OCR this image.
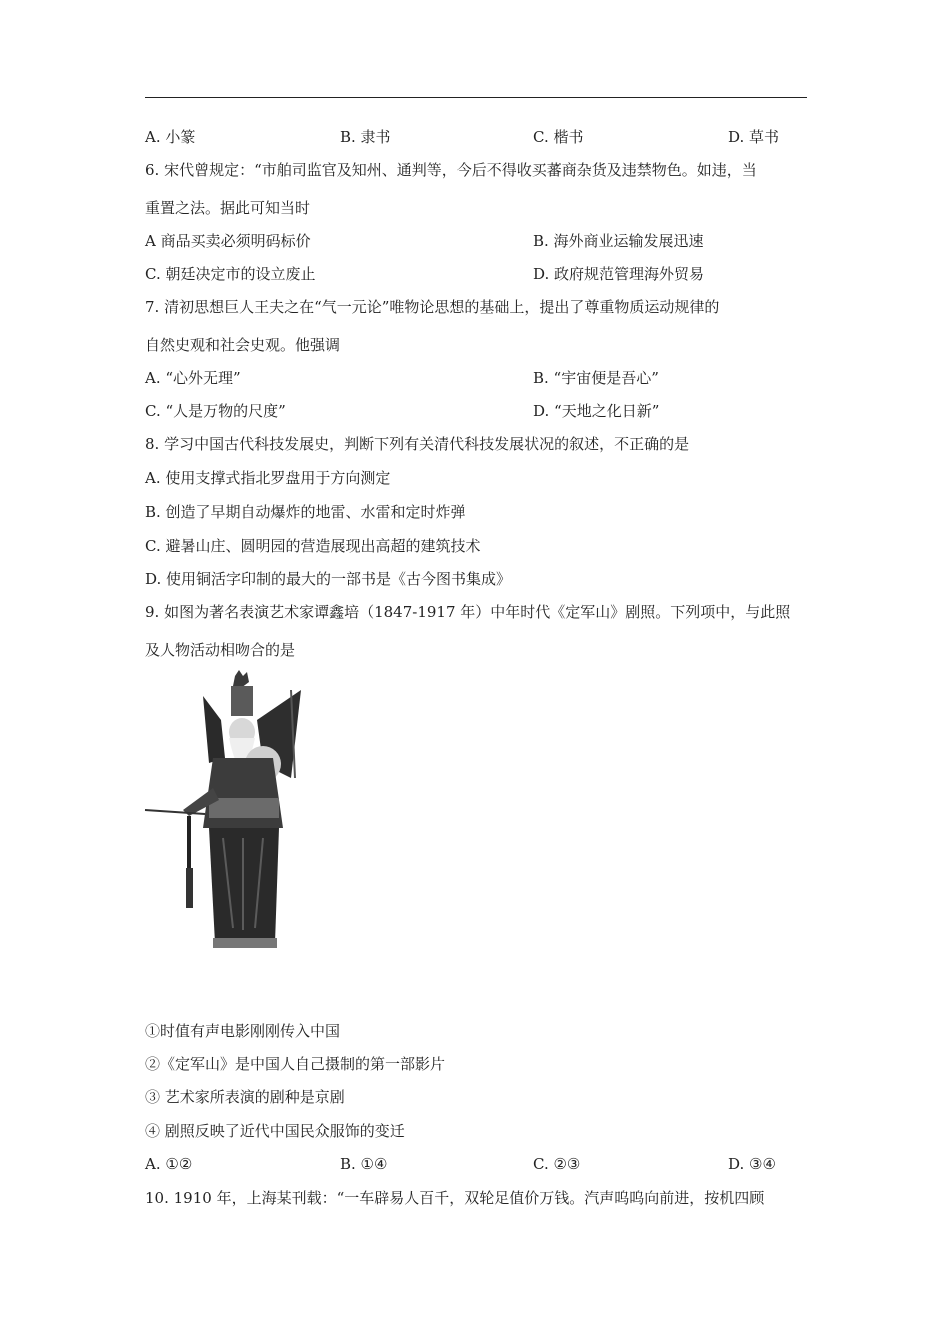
A. 小篆	B. 隶书	C. 楷书	D. 草书
6. 宋代曾规定：“市舶司监官及知州、通判等，今后不得收买蕃商杂货及违禁物色。如违，当
重置之法。据此可知当时
A 商品买卖必须明码标价	B. 海外商业运输发展迅速
C. 朝廷决定市的设立废止	D. 政府规范管理海外贸易
7. 清初思想巨人王夫之在“气一元论”唯物论思想的基础上，提出了尊重物质运动规律的
自然史观和社会史观。他强调
A. “心外无理”	B. “宇宙便是吾心”
C. “人是万物的尺度”	D. “天地之化日新”
8. 学习中国古代科技发展史，判断下列有关清代科技发展状况的叙述，不正确的是
A. 使用支撑式指北罗盘用于方向测定
B. 创造了早期自动爆炸的地雷、水雷和定时炸弹
C. 避暑山庄、圆明园的营造展现出高超的建筑技术
D. 使用铜活字印制的最大的一部书是《古今图书集成》
9. 如图为著名表演艺术家谭鑫培（1847-1917 年）中年时代《定军山》剧照。下列项中，与此照
及人物活动相吻合的是
①时值有声电影刚刚传入中国
②《定军山》是中国人自己摄制的第一部影片
③ 艺术家所表演的剧种是京剧
④ 剧照反映了近代中国民众服饰的变迁
A. ①②	B. ①④	C. ②③	D. ③④
10. 1910 年，上海某刊载：“一车辟易人百千，双轮足值价万钱。汽声呜呜向前进，按机四顾
